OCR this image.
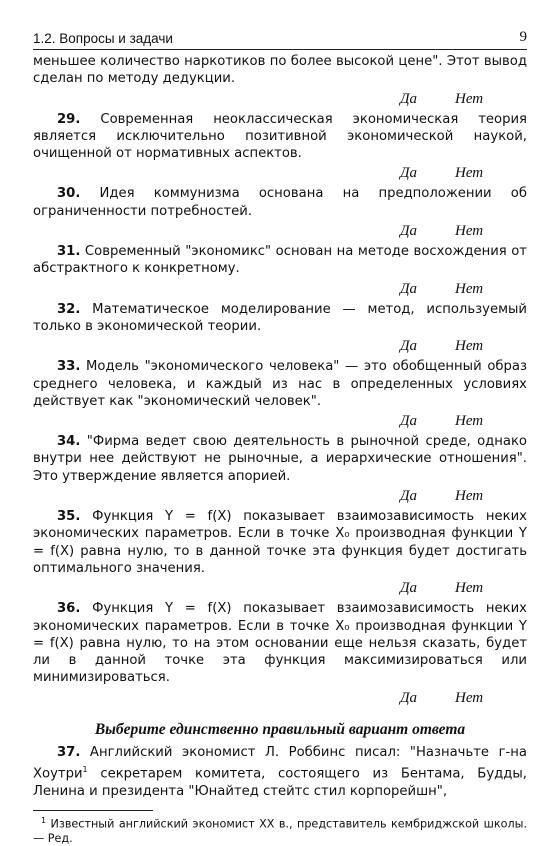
1.2. Вопросы и задачи	9

меньшее количество наркотиков по более высокой цене". Этот вывод сделан по методу дедукции.

Да	Нет

29. Современная неоклассическая экономическая теория является исключительно позитивной экономической наукой, очищенной от нормативных аспектов.

Да	Нет

30. Идея коммунизма основана на предположении об ограниченности потребностей.

Да	Нет

31. Современный "экономикс" основан на методе восхождения от абстрактного к конкретному.

Да	Нет

32. Математическое моделирование — метод, используемый только в экономической теории.

Да	Нет

33. Модель "экономического человека" — это обобщенный образ среднего человека, и каждый из нас в определенных условиях действует как "экономический человек".

Да	Нет

34. "Фирма ведет свою деятельность в рыночной среде, однако внутри нее действуют не рыночные, а иерархические отношения". Это утверждение является апорией.

Да	Нет

35. Функция Y = f(X) показывает взаимозависимость неких экономических параметров. Если в точке X₀ производная функции Y = f(X) равна нулю, то в данной точке эта функция будет достигать оптимального значения.

Да	Нет

36. Функция Y = f(X) показывает взаимозависимость неких экономических параметров. Если в точке X₀ производная функции Y = f(X) равна нулю, то на этом основании еще нельзя сказать, будет ли в данной точке эта функция максимизироваться или минимизироваться.

Да	Нет
Выберите единственно правильный вариант ответа

37. Английский экономист Л. Роббинс писал: "Назначьте г-на Хоутри$^1$ секретарем комитета, состоящего из Бентама, Будды, Ленина и президента "Юнайтед стейтс стил корпорейшн",

$^1$ Известный английский экономист XX в., представитель кембриджской школы. — Ред.
